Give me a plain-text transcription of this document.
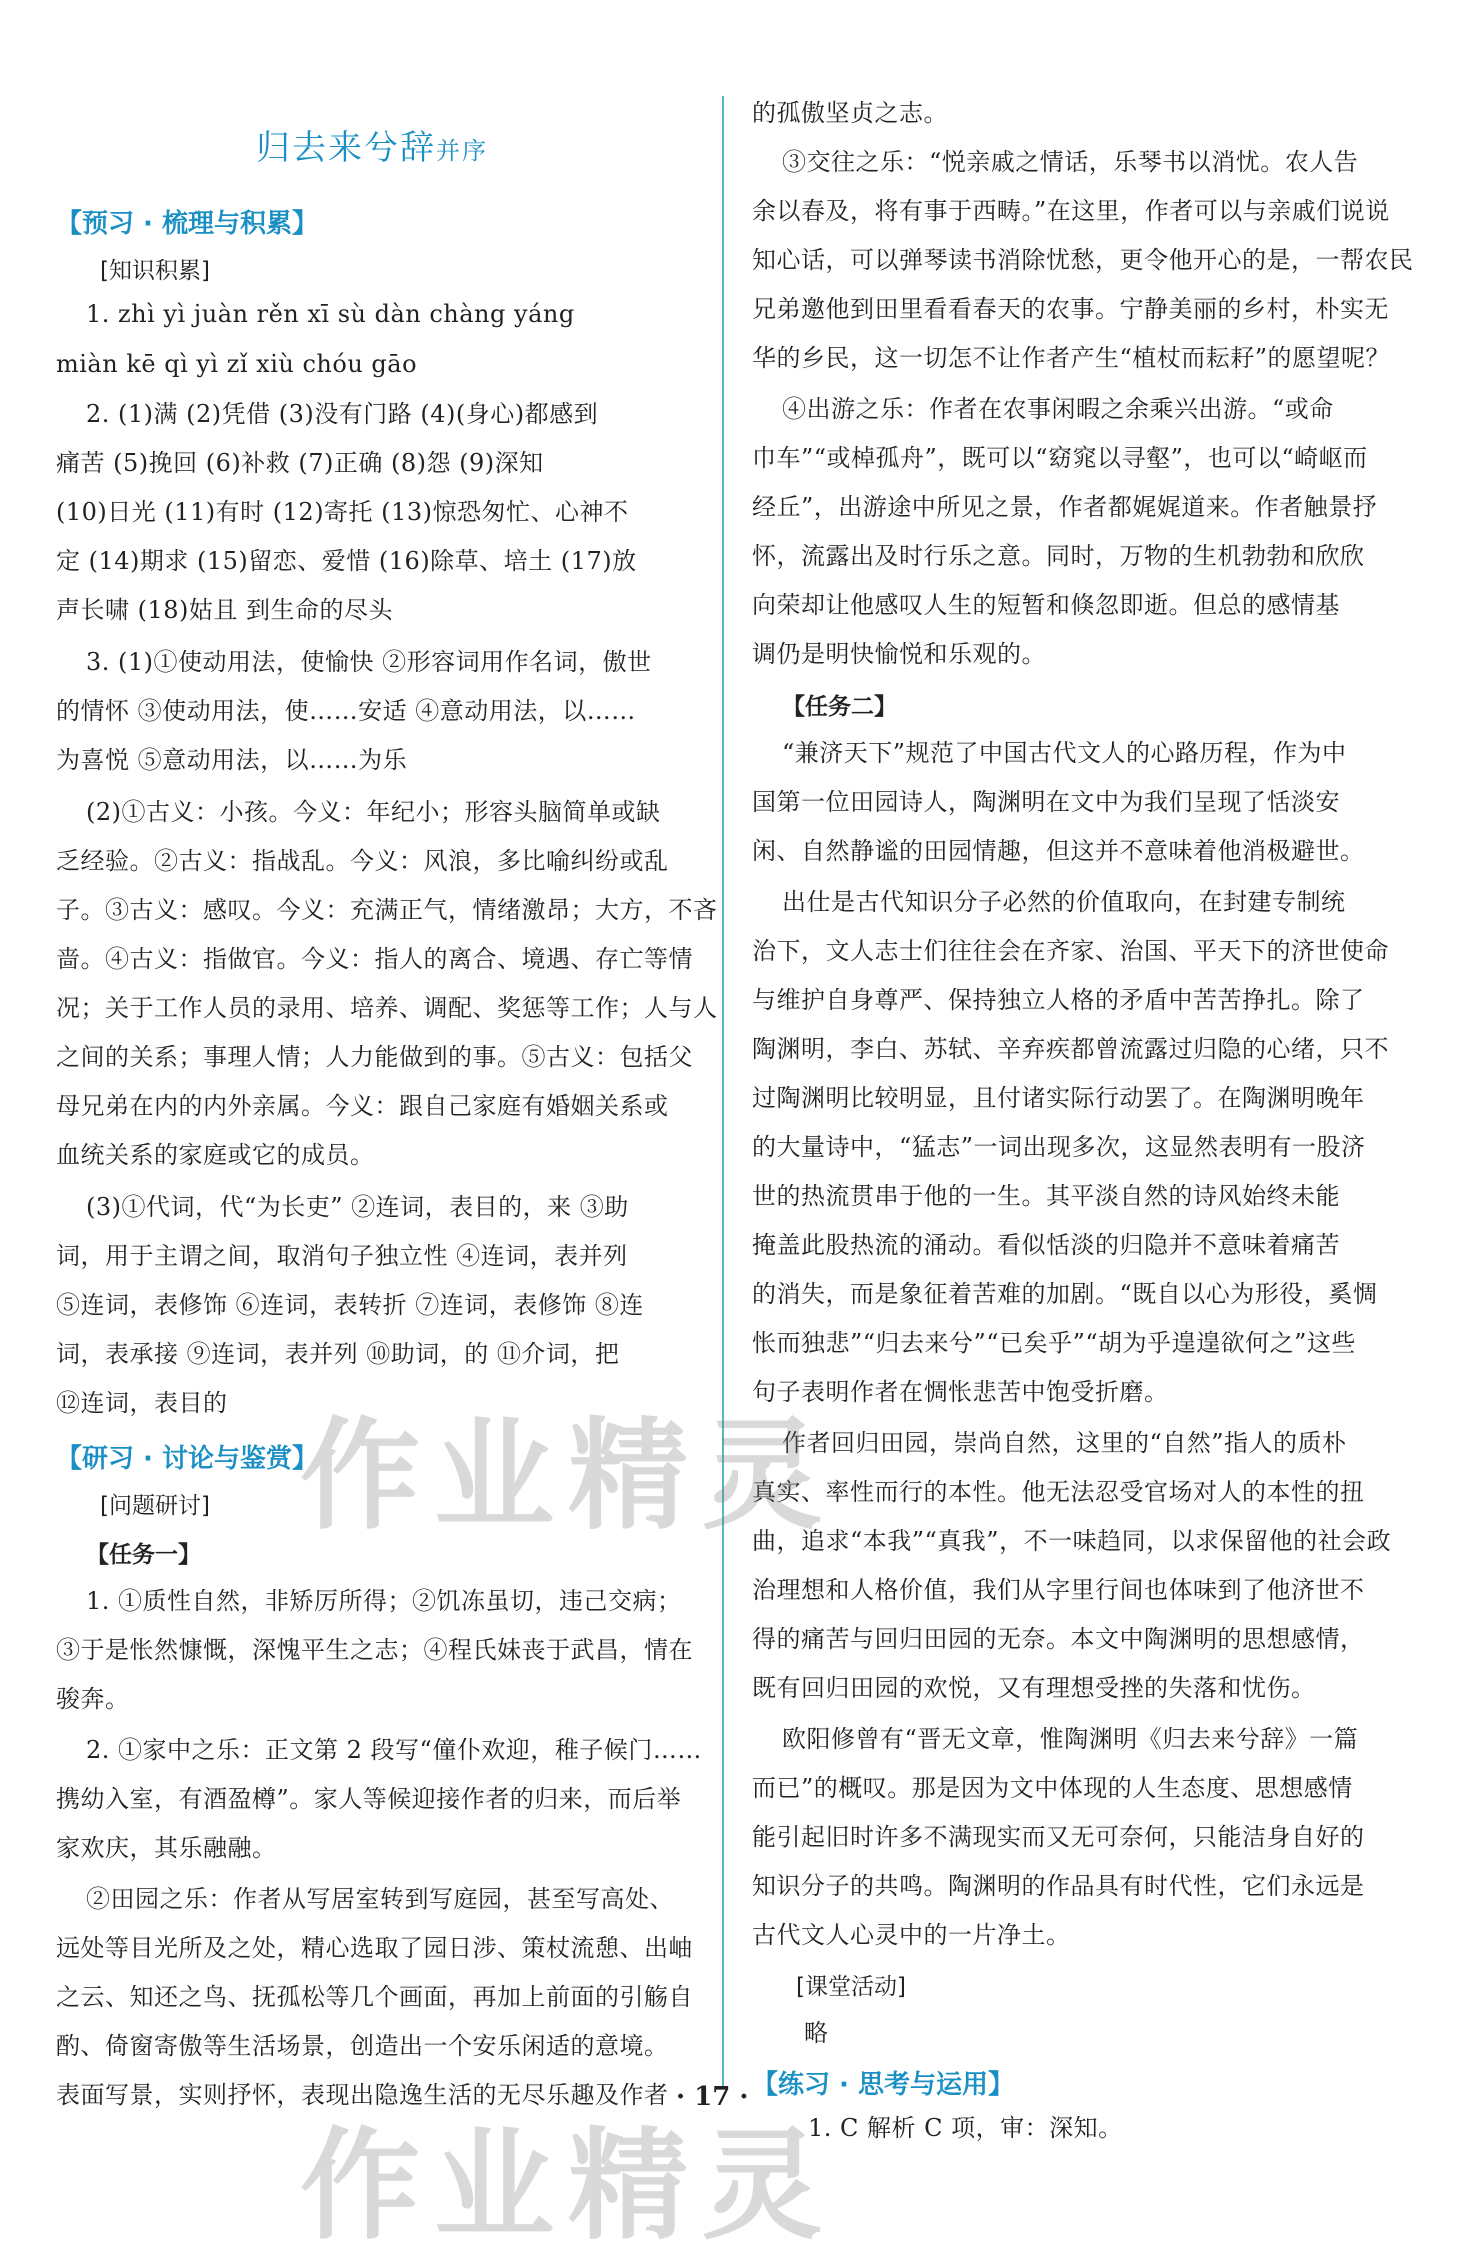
归去来兮辞并序
【预习 · 梳理与积累】
[知识积累]
1. zhì yì juàn rěn xī sù dàn chàng yáng
miàn kē qì yì zǐ xiù chóu gāo
2. (1)满 (2)凭借 (3)没有门路 (4)(身心)都感到
痛苦 (5)挽回 (6)补救 (7)正确 (8)怨 (9)深知
(10)日光 (11)有时 (12)寄托 (13)惊恐匆忙、心神不
定 (14)期求 (15)留恋、爱惜 (16)除草、培土 (17)放
声长啸 (18)姑且 到生命的尽头
3. (1)①使动用法，使愉快 ②形容词用作名词，傲世
的情怀 ③使动用法，使……安适 ④意动用法，以……
为喜悦 ⑤意动用法，以……为乐
(2)①古义：小孩。今义：年纪小；形容头脑简单或缺
乏经验。②古义：指战乱。今义：风浪，多比喻纠纷或乱
子。③古义：感叹。今义：充满正气，情绪激昂；大方，不吝
啬。④古义：指做官。今义：指人的离合、境遇、存亡等情
况；关于工作人员的录用、培养、调配、奖惩等工作；人与人
之间的关系；事理人情；人力能做到的事。⑤古义：包括父
母兄弟在内的内外亲属。今义：跟自己家庭有婚姻关系或
血统关系的家庭或它的成员。
(3)①代词，代“为长吏” ②连词，表目的，来 ③助
词，用于主谓之间，取消句子独立性 ④连词，表并列
⑤连词，表修饰 ⑥连词，表转折 ⑦连词，表修饰 ⑧连
词，表承接 ⑨连词，表并列 ⑩助词，的 ⑪介词，把
⑫连词，表目的
【研习 · 讨论与鉴赏】
[问题研讨]
【任务一】
1. ①质性自然，非矫厉所得；②饥冻虽切，违己交病；
③于是怅然慷慨，深愧平生之志；④程氏妹丧于武昌，情在
骏奔。
2. ①家中之乐：正文第 2 段写“僮仆欢迎，稚子候门……
携幼入室，有酒盈樽”。家人等候迎接作者的归来，而后举
家欢庆，其乐融融。
②田园之乐：作者从写居室转到写庭园，甚至写高处、
远处等目光所及之处，精心选取了园日涉、策杖流憩、出岫
之云、知还之鸟、抚孤松等几个画面，再加上前面的引觞自
酌、倚窗寄傲等生活场景，创造出一个安乐闲适的意境。
表面写景，实则抒怀，表现出隐逸生活的无尽乐趣及作者
的孤傲坚贞之志。
③交往之乐：“悦亲戚之情话，乐琴书以消忧。农人告
余以春及，将有事于西畴。”在这里，作者可以与亲戚们说说
知心话，可以弹琴读书消除忧愁，更令他开心的是，一帮农民
兄弟邀他到田里看看春天的农事。宁静美丽的乡村，朴实无
华的乡民，这一切怎不让作者产生“植杖而耘耔”的愿望呢？
④出游之乐：作者在农事闲暇之余乘兴出游。“或命
巾车”“或棹孤舟”，既可以“窈窕以寻壑”，也可以“崎岖而
经丘”，出游途中所见之景，作者都娓娓道来。作者触景抒
怀，流露出及时行乐之意。同时，万物的生机勃勃和欣欣
向荣却让他感叹人生的短暂和倏忽即逝。但总的感情基
调仍是明快愉悦和乐观的。
【任务二】
“兼济天下”规范了中国古代文人的心路历程，作为中
国第一位田园诗人，陶渊明在文中为我们呈现了恬淡安
闲、自然静谧的田园情趣，但这并不意味着他消极避世。
出仕是古代知识分子必然的价值取向，在封建专制统
治下，文人志士们往往会在齐家、治国、平天下的济世使命
与维护自身尊严、保持独立人格的矛盾中苦苦挣扎。除了
陶渊明，李白、苏轼、辛弃疾都曾流露过归隐的心绪，只不
过陶渊明比较明显，且付诸实际行动罢了。在陶渊明晚年
的大量诗中，“猛志”一词出现多次，这显然表明有一股济
世的热流贯串于他的一生。其平淡自然的诗风始终未能
掩盖此股热流的涌动。看似恬淡的归隐并不意味着痛苦
的消失，而是象征着苦难的加剧。“既自以心为形役，奚惆
怅而独悲”“归去来兮”“已矣乎”“胡为乎遑遑欲何之”这些
句子表明作者在惆怅悲苦中饱受折磨。
作者回归田园，崇尚自然，这里的“自然”指人的质朴
真实、率性而行的本性。他无法忍受官场对人的本性的扭
曲，追求“本我”“真我”，不一味趋同，以求保留他的社会政
治理想和人格价值，我们从字里行间也体味到了他济世不
得的痛苦与回归田园的无奈。本文中陶渊明的思想感情，
既有回归田园的欢悦，又有理想受挫的失落和忧伤。
欧阳修曾有“晋无文章，惟陶渊明《归去来兮辞》一篇
而已”的概叹。那是因为文中体现的人生态度、思想感情
能引起旧时许多不满现实而又无可奈何，只能洁身自好的
知识分子的共鸣。陶渊明的作品具有时代性，它们永远是
古代文人心灵中的一片净土。
[课堂活动]
略
【练习 · 思考与运用】
1. C 解析 C 项，审：深知。
· 17 ·
作业精灵
作业精灵
